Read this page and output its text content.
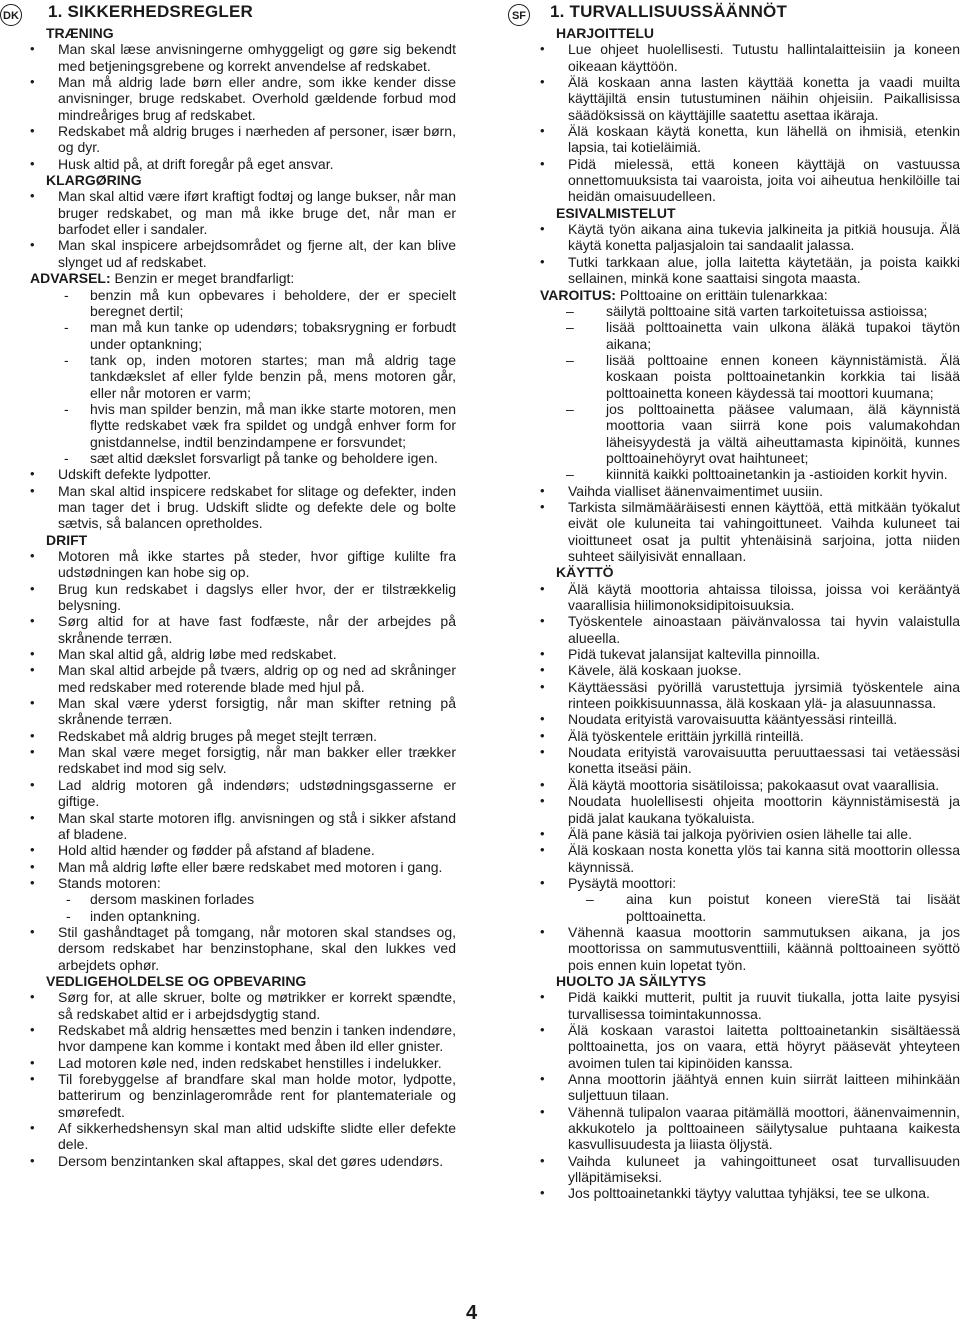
DK 1. SIKKERHEDSREGLER

TRÆNING

• Man skal læse anvisningerne omhyggeligt og gøre sig bekendt med betjeningsgrebene og korrekt anvendelse af redskabet.
• Man må aldrig lade børn eller andre, som ikke kender disse anvisninger, bruge redskabet. Overhold gældende forbud mod mindreåriges brug af redskabet.
• Redskabet må aldrig bruges i nærheden af personer, især børn, og dyr.
• Husk altid på, at drift foregår på eget ansvar.

KLARGØRING

• Man skal altid være iført kraftigt fodtøj og lange bukser, når man bruger redskabet, og man må ikke bruge det, når man er barfodet eller i sandaler.
• Man skal inspicere arbejdsområdet og fjerne alt, der kan blive slynget ud af redskabet.

ADVARSEL: Benzin er meget brandfarligt:

- benzin må kun opbevares i beholdere, der er specielt beregnet dertil;
- man må kun tanke op udendørs; tobaksrygning er forbudt under optankning;
- tank op, inden motoren startes; man må aldrig tage tankdækslet af eller fylde benzin på, mens motoren går, eller når motoren er varm;
- hvis man spilder benzin, må man ikke starte motoren, men flytte redskabet væk fra spildet og undgå enhver form for gnistdannelse, indtil benzindampene er forsvundet;
- sæt altid dækslet forsvarligt på tanke og beholdere igen.
• Udskift defekte lydpotter.
• Man skal altid inspicere redskabet for slitage og defekter, inden man tager det i brug. Udskift slidte og defekte dele og bolte sætvis, så balancen opretholdes.

DRIFT

• Motoren må ikke startes på steder, hvor giftige kulilte fra udstødningen kan hobe sig op.
• Brug kun redskabet i dagslys eller hvor, der er tilstrækkelig belysning.
• Sørg altid for at have fast fodfæste, når der arbejdes på skrånende terræn.
• Man skal altid gå, aldrig løbe med redskabet.
• Man skal altid arbejde på tværs, aldrig op og ned ad skråninger med redskaber med roterende blade med hjul på.
• Man skal være yderst forsigtig, når man skifter retning på skrånende terræn.
• Redskabet må aldrig bruges på meget stejlt terræn.
• Man skal være meget forsigtig, når man bakker eller trækker redskabet ind mod sig selv.
• Lad aldrig motoren gå indendørs; udstødningsgasserne er giftige.
• Man skal starte motoren iflg. anvisningen og stå i sikker afstand af bladene.
• Hold altid hænder og fødder på afstand af bladene.
• Man må aldrig løfte eller bære redskabet med motoren i gang.
• Stands motoren:
- dersom maskinen forlades
- inden optankning.
• Stil gashåndtaget på tomgang, når motoren skal standses og, dersom redskabet har benzinstophane, skal den lukkes ved arbejdets ophør.

VEDLIGEHOLDELSE OG OPBEVARING

• Sørg for, at alle skruer, bolte og møtrikker er korrekt spændte, så redskabet altid er i arbejdsdygtig stand.
• Redskabet må aldrig hensættes med benzin i tanken indendøre, hvor dampene kan komme i kontakt med åben ild eller gnister.
• Lad motoren køle ned, inden redskabet henstilles i indelukker.
• Til forebyggelse af brandfare skal man holde motor, lydpotte, batterirum og benzinlagerområde rent for plantemateriale og smørefedt.
• Af sikkerhedshensyn skal man altid udskifte slidte eller defekte dele.
• Dersom benzintanken skal aftappes, skal det gøres udendørs.
SF 1. TURVALLISUUSSÄÄNNÖT

HARJOITTELU

• Lue ohjeet huolellisesti. Tutustu hallintalaitteisiin ja koneen oikeaan käyttöön.
• Älä koskaan anna lasten käyttää konetta ja vaadi muilta käyttäjiltä ensin tutustuminen näihin ohjeisiin. Paikallisissa säädöksissä on käyttäjille saatettu asettaa ikäraja.
• Älä koskaan käytä konetta, kun lähellä on ihmisiä, etenkin lapsia, tai kotieläimiä.
• Pidä mielessä, että koneen käyttäjä on vastuussa onnettomuuksista tai vaaroista, joita voi aiheutua henkilöille tai heidän omaisuudelleen.

ESIVALMISTELUT

• Käytä työn aikana aina tukevia jalkineita ja pitkiä housuja. Älä käytä konetta paljasjaloin tai sandaalit jalassa.
• Tutki tarkkaan alue, jolla laitetta käytetään, ja poista kaikki sellainen, minkä kone saattaisi singota maasta.

VAROITUS: Polttoaine on erittäin tulenarkkaa:

– säilytä polttoaine sitä varten tarkoitetuissa astioissa;
– lisää polttoainetta vain ulkona äläkä tupakoi täytön aikana;
– lisää polttoaine ennen koneen käynnistämistä. Älä koskaan poista polttoainetankin korkkia tai lisää polttoainetta koneen käydessä tai moottori kuumana;
– jos polttoainetta pääsee valumaan, älä käynnistä moottoria vaan siirrä kone pois valumakohdan läheisyydestä ja vältä aiheuttamasta kipinöitä, kunnes polttoainehöyryt ovat haihtuneet;
– kiinnitä kaikki polttoainetankin ja -astioiden korkit hyvin.
• Vaihda vialliset äänenvaimentimet uusiin.
• Tarkista silmämääräisesti ennen käyttöä, että mitkään työkalut eivät ole kuluneita tai vahingoittuneet. Vaihda kuluneet tai vioittuneet osat ja pultit yhtenäisinä sarjoina, jotta niiden suhteet säilyisivät ennallaan.

KÄYTTÖ

• Älä käytä moottoria ahtaissa tiloissa, joissa voi kerääntyä vaarallisia hiilimonoksidipitoisuuksia.
• Työskentele ainoastaan päivänvalossa tai hyvin valaistulla alueella.
• Pidä tukevat jalansijat kaltevilla pinnoilla.
• Kävele, älä koskaan juokse.
• Käyttäessäsi pyörillä varustettuja jyrsimiä työskentele aina rinteen poikkisuunnassa, älä koskaan ylä- ja alasuunnassa.
• Noudata erityistä varovaisuutta kääntyessäsi rinteillä.
• Älä työskentele erittäin jyrkillä rinteillä.
• Noudata erityistä varovaisuutta peruuttaessasi tai vetäessäsi konetta itseäsi päin.
• Älä käytä moottoria sisätiloissa; pakokaasut ovat vaarallisia.
• Noudata huolellisesti ohjeita moottorin käynnistämisestä ja pidä jalat kaukana työkaluista.
• Älä pane käsiä tai jalkoja pyörivien osien lähelle tai alle.
• Älä koskaan nosta konetta ylös tai kanna sitä moottorin ollessa käynnissä.
• Pysäytä moottori:
– aina kun poistut koneen viereStä tai lisäät polttoainetta.
• Vähennä kaasua moottorin sammutuksen aikana, ja jos moottorissa on sammutusventtiili, käännä polttoaineen syöttö pois ennen kuin lopetat työn.

HUOLTO JA SÄILYTYS

• Pidä kaikki mutterit, pultit ja ruuvit tiukalla, jotta laite pysyisi turvallisessa toimintakunnossa.
• Älä koskaan varastoi laitetta polttoainetankin sisältäessä polttoainetta, jos on vaara, että höyryt pääsevät yhteyteen avoimen tulen tai kipinöiden kanssa.
• Anna moottorin jäähtyä ennen kuin siirrät laitteen mihinkään suljettuun tilaan.
• Vähennä tulipalon vaaraa pitämällä moottori, äänenvaimennin, akkukotelo ja polttoaineen säilytysalue puhtaana kaikesta kasvullisuudesta ja liiasta öljystä.
• Vaihda kuluneet ja vahingoittuneet osat turvallisuuden ylläpitämiseksi.
• Jos polttoainetankki täytyy valuttaa tyhjäksi, tee se ulkona.
4
